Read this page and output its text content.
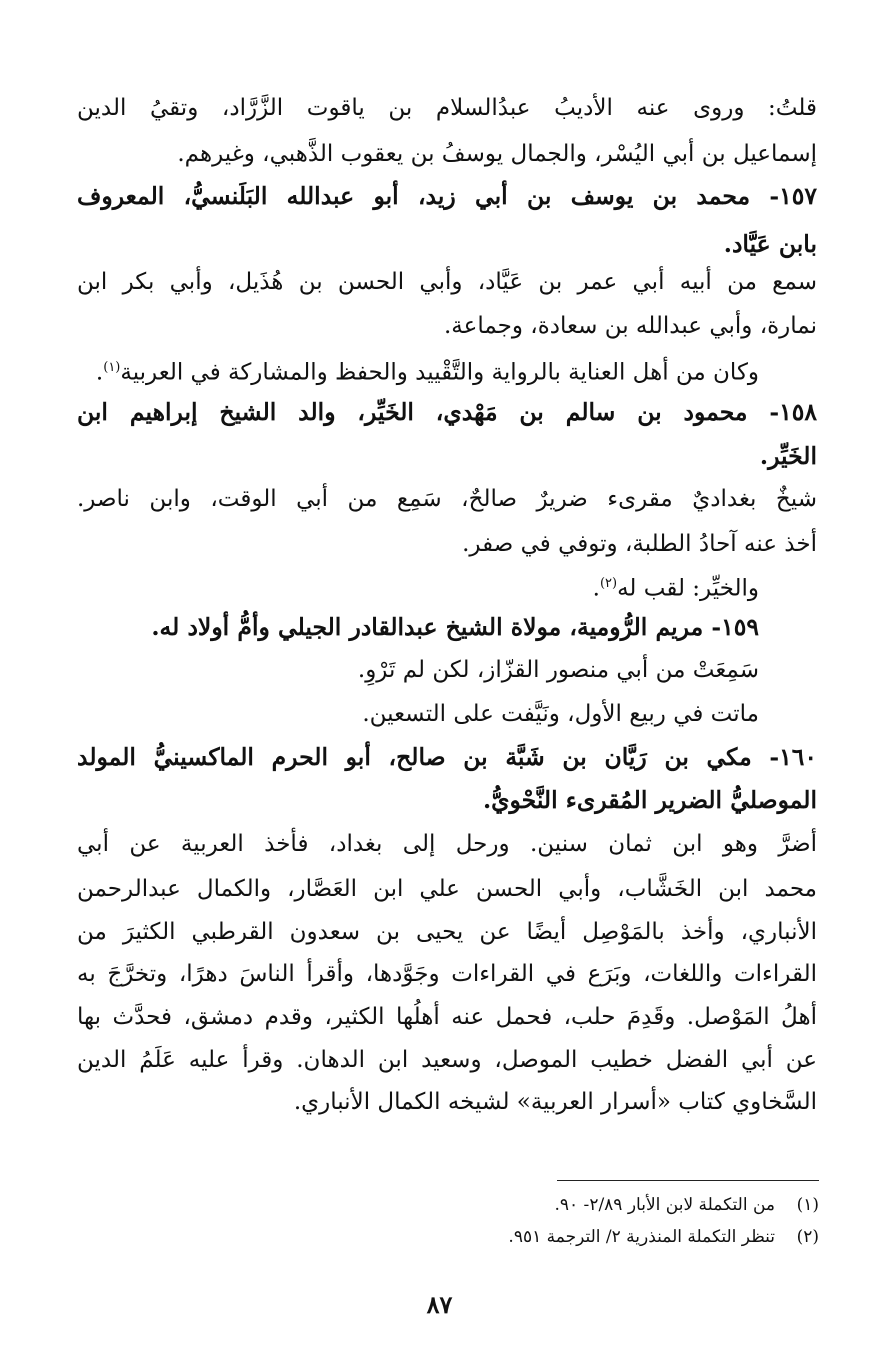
قلتُ: وروى عنه الأديبُ عبدُالسلام بن ياقوت الزَّرَّاد، وتقيُ الدين
إسماعيل بن أبي اليُسْر، والجمال يوسفُ بن يعقوب الذَّهبي، وغيرهم.
١٥٧- محمد بن يوسف بن أبي زيد، أبو عبدالله البَلَنسيُّ، المعروف
بابن عَيَّاد.
سمع من أبيه أبي عمر بن عَيَّاد، وأبي الحسن بن هُذَيل، وأبي بكر ابن
نمارة، وأبي عبدالله بن سعادة، وجماعة.
وكان من أهل العناية بالرواية والتَّقْييد والحفظ والمشاركة في العربية$^{(١)}$.
١٥٨- محمود بن سالم بن مَهْدي، الخَيِّر، والد الشيخ إبراهيم ابن
الخَيِّر.
شيخٌ بغداديٌ مقرىء ضريرٌ صالحٌ، سَمِع من أبي الوقت، وابن ناصر.
أخذ عنه آحادُ الطلبة، وتوفي في صفر.
والخيِّر: لقب له$^{(٢)}$.
١٥٩- مريم الرُّومية، مولاة الشيخ عبدالقادر الجيلي وأمُّ أولاد له.
سَمِعَتْ من أبي منصور القزّاز، لكن لم تَرْوِ.
ماتت في ربيع الأول، ونَيَّفت على التسعين.
١٦٠- مكي بن رَيَّان بن شَبَّة بن صالح، أبو الحرم الماكسينيُّ المولد
الموصليُّ الضرير المُقرىء النَّحْويُّ.
أضرَّ وهو ابن ثمان سنين. ورحل إلى بغداد، فأخذ العربية عن أبي
محمد ابن الخَشَّاب، وأبي الحسن علي ابن العَصَّار، والكمال عبدالرحمن
الأنباري، وأخذ بالمَوْصِل أيضًا عن يحيى بن سعدون القرطبي الكثيرَ من
القراءات واللغات، وبَرَع في القراءات وجَوَّدها، وأقرأ الناسَ دهرًا، وتخرَّجَ به
أهلُ المَوْصل. وقَدِمَ حلب، فحمل عنه أهلُها الكثير، وقدم دمشق، فحدَّث بها
عن أبي الفضل خطيب الموصل، وسعيد ابن الدهان. وقرأ عليه عَلَمُ الدين
السَّخاوي كتاب «أسرار العربية» لشيخه الكمال الأنباري.
(١)من التكملة لابن الأبار ٢/٨٩- ٩٠.
(٢)تنظر التكملة المنذرية ٢/ الترجمة ٩٥١.
٨٧
